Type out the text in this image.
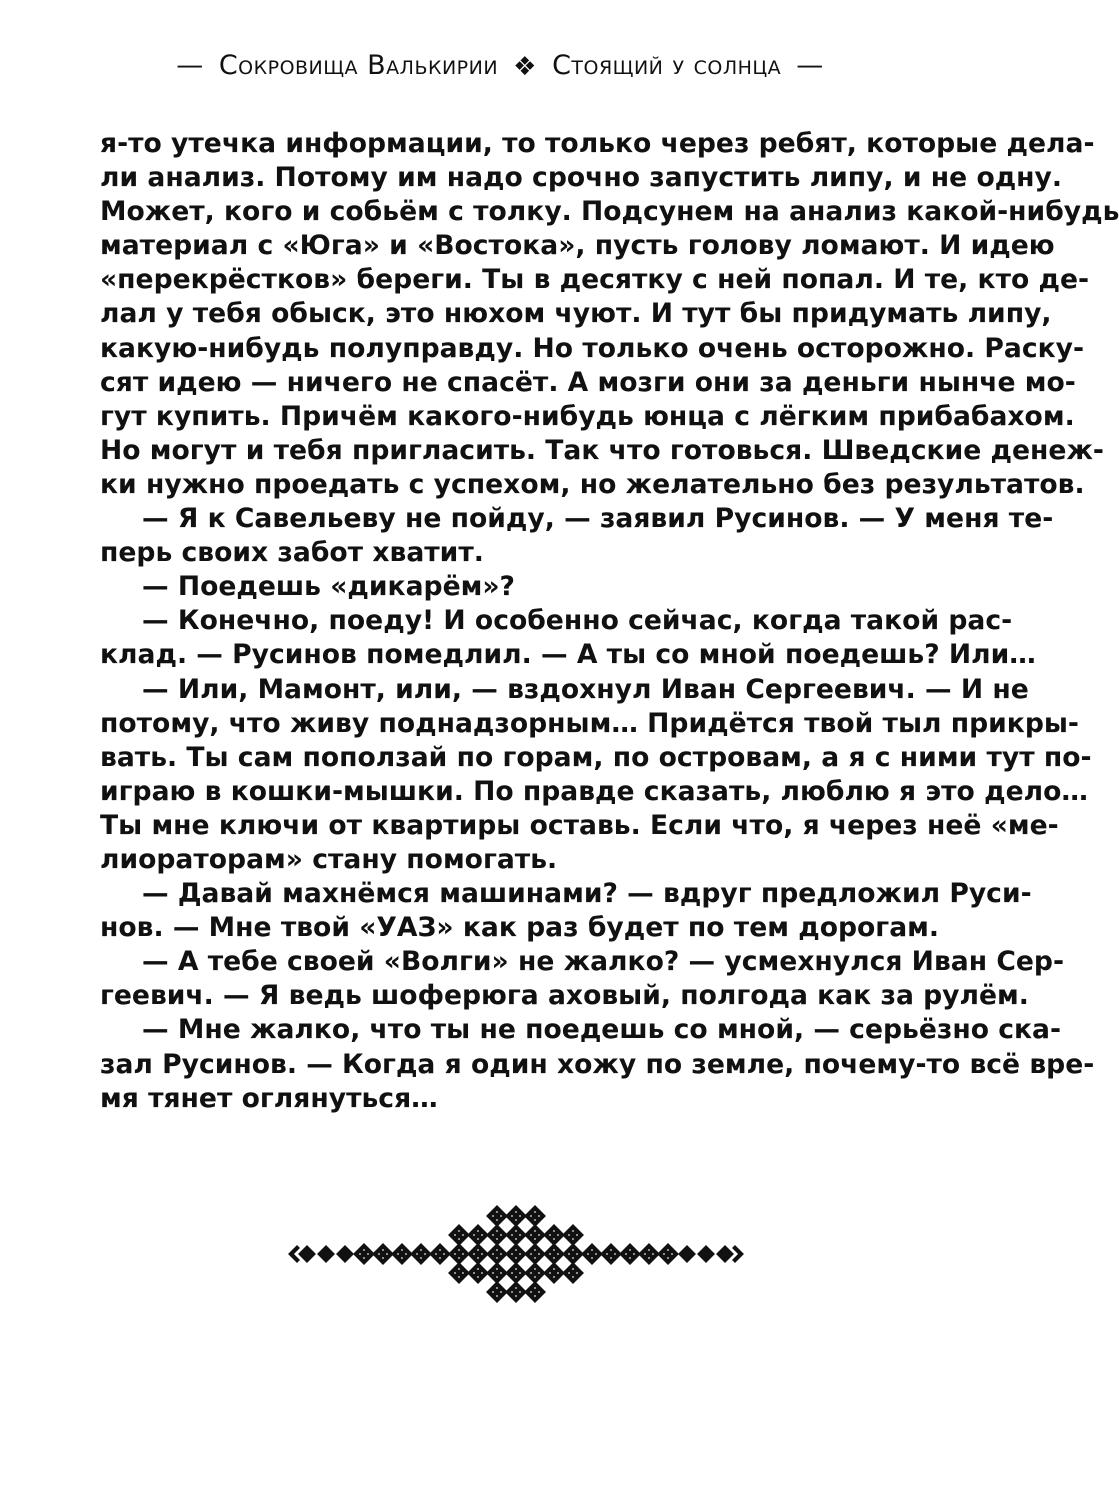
— Сокровища Валькирии ❖ Стоящий у солнца —
я-то утечка информации, то только через ребят, которые дела-
ли анализ. Потому им надо срочно запустить липу, и не одну.
Может, кого и собьём с толку. Подсунем на анализ какой-нибудь
материал с «Юга» и «Востока», пусть голову ломают. И идею
«перекрёстков» береги. Ты в десятку с ней попал. И те, кто де-
лал у тебя обыск, это нюхом чуют. И тут бы придумать липу,
какую-нибудь полуправду. Но только очень осторожно. Раску-
сят идею — ничего не спасёт. А мозги они за деньги нынче мо-
гут купить. Причём какого-нибудь юнца с лёгким прибабахом.
Но могут и тебя пригласить. Так что готовься. Шведские денеж-
ки нужно проедать с успехом, но желательно без результатов.
— Я к Савельеву не пойду, — заявил Русинов. — У меня те-
перь своих забот хватит.
— Поедешь «дикарём»?
— Конечно, поеду! И особенно сейчас, когда такой рас-
клад. — Русинов помедлил. — А ты со мной поедешь? Или…
— Или, Мамонт, или, — вздохнул Иван Сергеевич. — И не
потому, что живу поднадзорным… Придётся твой тыл прикры-
вать. Ты сам поползай по горам, по островам, а я с ними тут по-
играю в кошки-мышки. По правде сказать, люблю я это дело…
Ты мне ключи от квартиры оставь. Если что, я через неё «ме-
лиораторам» стану помогать.
— Давай махнёмся машинами? — вдруг предложил Руси-
нов. — Мне твой «УАЗ» как раз будет по тем дорогам.
— А тебе своей «Волги» не жалко? — усмехнулся Иван Сер-
геевич. — Я ведь шоферюга аховый, полгода как за рулём.
— Мне жалко, что ты не поедешь со мной, — серьёзно ска-
зал Русинов. — Когда я один хожу по земле, почему-то всё вре-
мя тянет оглянуться…
